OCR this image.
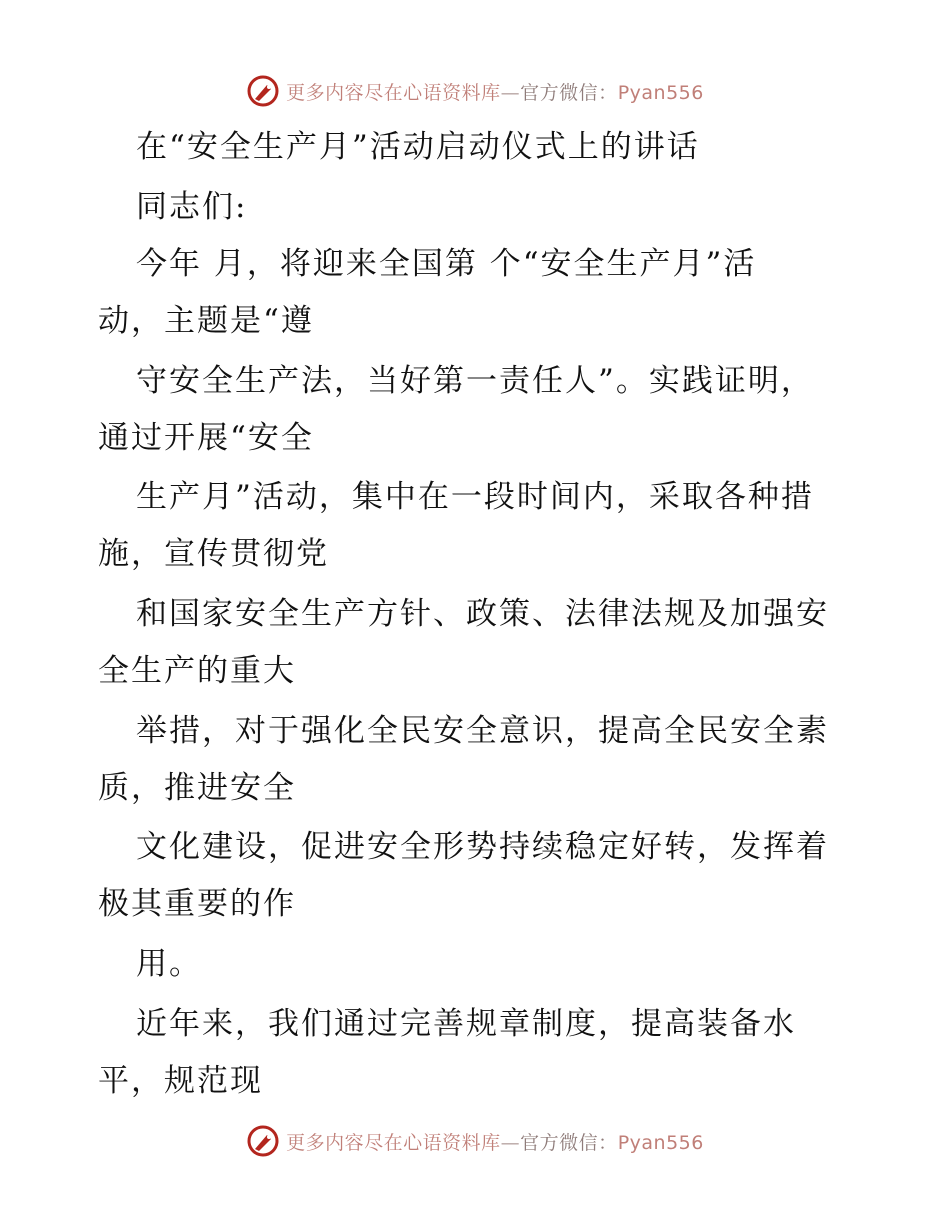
更多内容尽在心语资料库—官方微信：Pyan556
在“安全生产月”活动启动仪式上的讲话
同志们:
今年 月，将迎来全国第 个“安全生产月”活
动，主题是“遵
守安全生产法，当好第一责任人”。实践证明，
通过开展“安全
生产月”活动，集中在一段时间内，采取各种措
施，宣传贯彻党
和国家安全生产方针、政策、法律法规及加强安
全生产的重大
举措，对于强化全民安全意识，提高全民安全素
质，推进安全
文化建设，促进安全形势持续稳定好转，发挥着
极其重要的作
用。
近年来，我们通过完善规章制度，提高装备水
平，规范现
更多内容尽在心语资料库—官方微信：Pyan556
